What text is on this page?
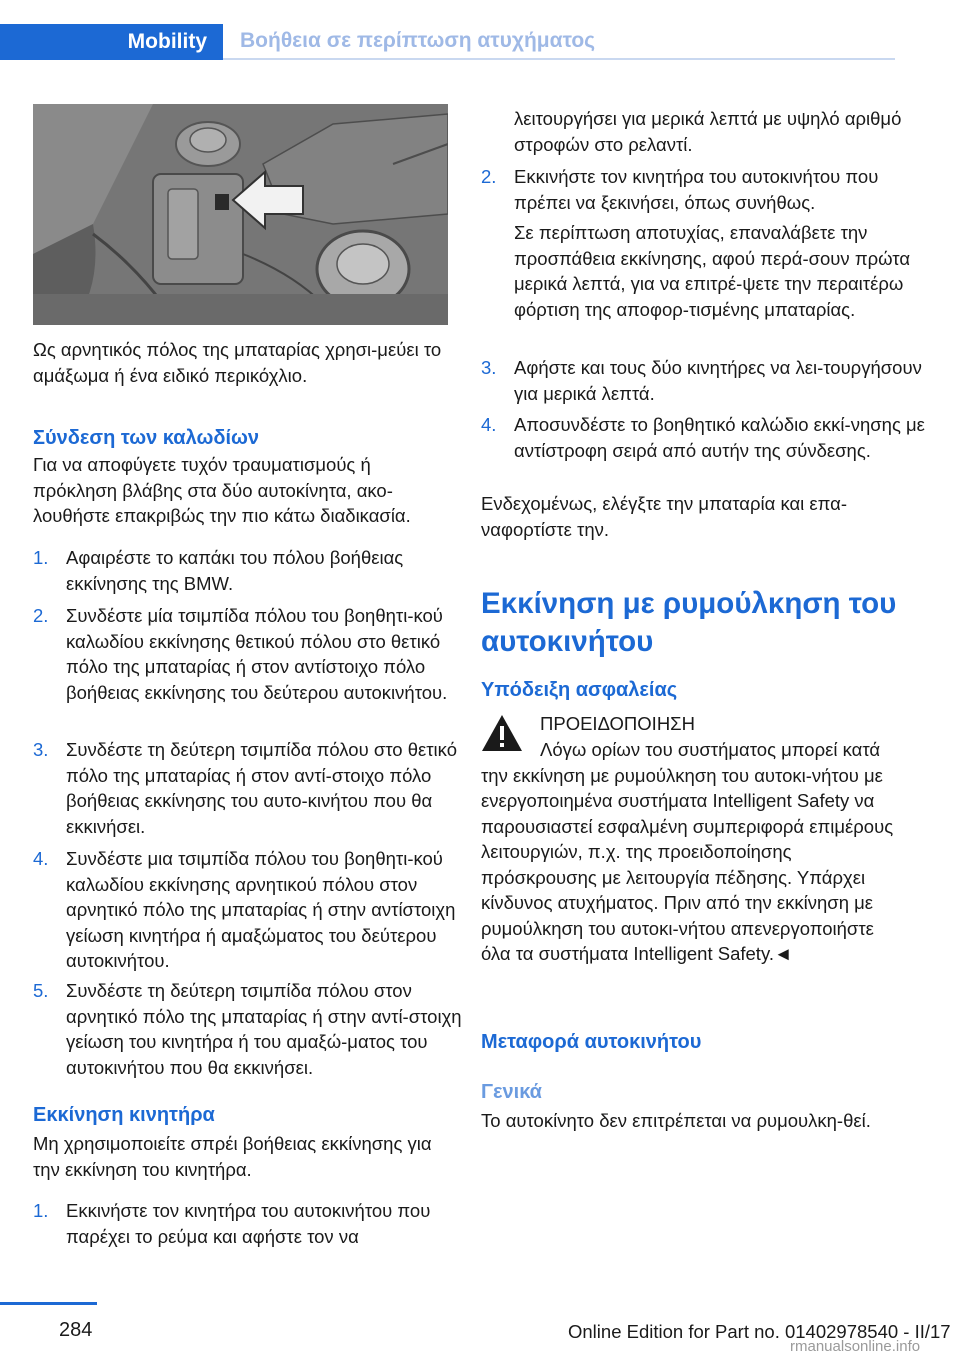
Mobility	Βοήθεια σε περίπτωση ατυχήματος

Ως αρνητικός πόλος της μπαταρίας χρησι‐μεύει το αμάξωμα ή ένα ειδικό περικόχλιο.

Σύνδεση των καλωδίων

Για να αποφύγετε τυχόν τραυματισμούς ή πρόκληση βλάβης στα δύο αυτοκίνητα, ακο‐λουθήστε επακριβώς την πιο κάτω διαδικασία.

1. Αφαιρέστε το καπάκι του πόλου βοήθειας εκκίνησης της BMW.
2. Συνδέστε μία τσιμπίδα πόλου του βοηθητι‐κού καλωδίου εκκίνησης θετικού πόλου στο θετικό πόλο της μπαταρίας ή στον αντίστοιχο πόλο βοήθειας εκκίνησης του δεύτερου αυτοκινήτου.
3. Συνδέστε τη δεύτερη τσιμπίδα πόλου στο θετικό πόλο της μπαταρίας ή στον αντί‐στοιχο πόλο βοήθειας εκκίνησης του αυτο‐κινήτου που θα εκκινήσει.
4. Συνδέστε μια τσιμπίδα πόλου του βοηθητι‐κού καλωδίου εκκίνησης αρνητικού πόλου στον αρνητικό πόλο της μπαταρίας ή στην αντίστοιχη γείωση κινητήρα ή αμαξώματος του δεύτερου αυτοκινήτου.
5. Συνδέστε τη δεύτερη τσιμπίδα πόλου στον αρνητικό πόλο της μπαταρίας ή στην αντί‐στοιχη γείωση του κινητήρα ή του αμαξώ‐ματος του αυτοκινήτου που θα εκκινήσει.

Εκκίνηση κινητήρα

Μη χρησιμοποιείτε σπρέι βοήθειας εκκίνησης για την εκκίνηση του κινητήρα.

1. Εκκινήστε τον κινητήρα του αυτοκινήτου που παρέχει το ρεύμα και αφήστε τον να

λειτουργήσει για μερικά λεπτά με υψηλό αριθμό στροφών στο ρελαντί.

2. Εκκινήστε τον κινητήρα του αυτοκινήτου που πρέπει να ξεκινήσει, όπως συνήθως.

Σε περίπτωση αποτυχίας, επαναλάβετε την προσπάθεια εκκίνησης, αφού περά‐σουν πρώτα μερικά λεπτά, για να επιτρέ‐ψετε την περαιτέρω φόρτιση της αποφορ‐τισμένης μπαταρίας.

3. Αφήστε και τους δύο κινητήρες να λει‐τουργήσουν για μερικά λεπτά.
4. Αποσυνδέστε το βοηθητικό καλώδιο εκκί‐νησης με αντίστροφη σειρά από αυτήν της σύνδεσης.

Ενδεχομένως, ελέγξτε την μπαταρία και επα‐ναφορτίστε την.

Εκκίνηση με ρυμούλκηση του αυτοκινήτου

Υπόδειξη ασφαλείας

ΠΡΟΕΙΔΟΠΟΙΗΣΗ

Λόγω ορίων του συστήματος μπορεί κατά την εκκίνηση με ρυμούλκηση του αυτοκι‐νήτου με ενεργοποιημένα συστήματα Intelligent Safety να παρουσιαστεί εσφαλμένη συμπεριφορά επιμέρους λειτουργιών, π.χ. της προειδοποίησης πρόσκρουσης με λειτουργία πέδησης. Υπάρχει κίνδυνος ατυχήματος. Πριν από την εκκίνηση με ρυμούλκηση του αυτοκι‐νήτου απενεργοποιήστε όλα τα συστήματα Intelligent Safety.◄

Μεταφορά αυτοκινήτου

Γενικά

Το αυτοκίνητο δεν επιτρέπεται να ρυμουλκη‐θεί.

284	Online Edition for Part no. 01402978540 - II/17
rmanualsonline.info
